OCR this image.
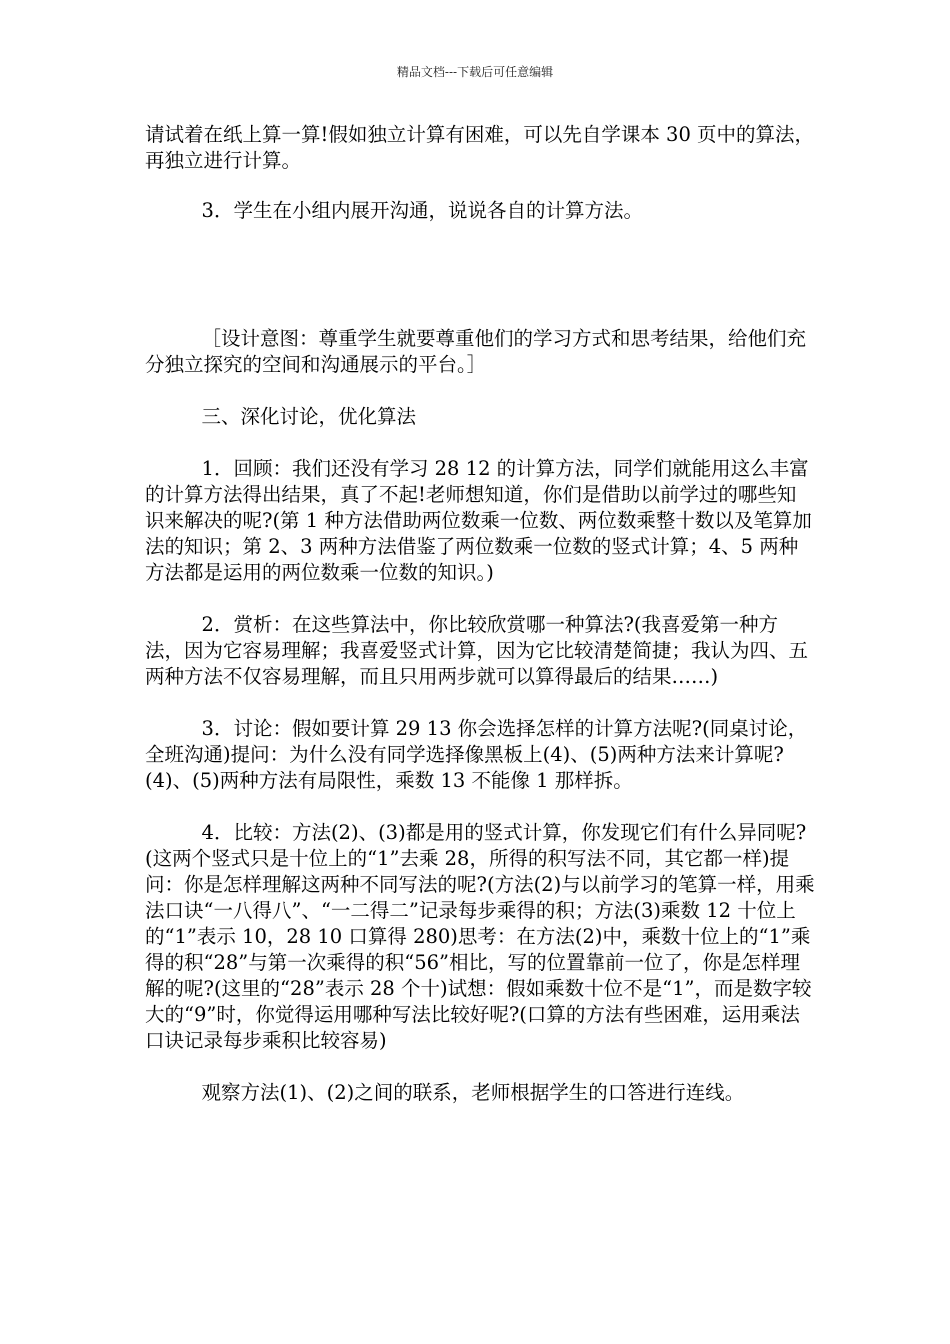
精品文档---下载后可任意编辑

请试着在纸上算一算!假如独立计算有困难，可以先自学课本 30 页中的算法，再独立进行计算。

3．学生在小组内展开沟通，说说各自的计算方法。

［设计意图：尊重学生就要尊重他们的学习方式和思考结果，给他们充分独立探究的空间和沟通展示的平台。］

三、深化讨论，优化算法

1．回顾：我们还没有学习 28 12 的计算方法，同学们就能用这么丰富的计算方法得出结果，真了不起!老师想知道，你们是借助以前学过的哪些知识来解决的呢?(第 1 种方法借助两位数乘一位数、两位数乘整十数以及笔算加法的知识；第 2、3 两种方法借鉴了两位数乘一位数的竖式计算；4、5 两种方法都是运用的两位数乘一位数的知识。)

2．赏析：在这些算法中，你比较欣赏哪一种算法?(我喜爱第一种方法，因为它容易理解；我喜爱竖式计算，因为它比较清楚简捷；我认为四、五两种方法不仅容易理解，而且只用两步就可以算得最后的结果……)

3．讨论：假如要计算 29 13 你会选择怎样的计算方法呢?(同桌讨论，全班沟通)提问：为什么没有同学选择像黑板上(4)、(5)两种方法来计算呢?(4)、(5)两种方法有局限性，乘数 13 不能像 1 那样拆。

4．比较：方法(2)、(3)都是用的竖式计算，你发现它们有什么异同呢?(这两个竖式只是十位上的“1”去乘 28，所得的积写法不同，其它都一样)提问：你是怎样理解这两种不同写法的呢?(方法(2)与以前学习的笔算一样，用乘法口诀“一八得八”、“一二得二”记录每步乘得的积；方法(3)乘数 12 十位上的“1”表示 10，28 10 口算得 280)思考：在方法(2)中，乘数十位上的“1”乘得的积“28”与第一次乘得的积“56”相比，写的位置靠前一位了，你是怎样理解的呢?(这里的“28”表示 28 个十)试想：假如乘数十位不是“1”，而是数字较大的“9”时，你觉得运用哪种写法比较好呢?(口算的方法有些困难，运用乘法口诀记录每步乘积比较容易)

观察方法(1)、(2)之间的联系，老师根据学生的口答进行连线。
